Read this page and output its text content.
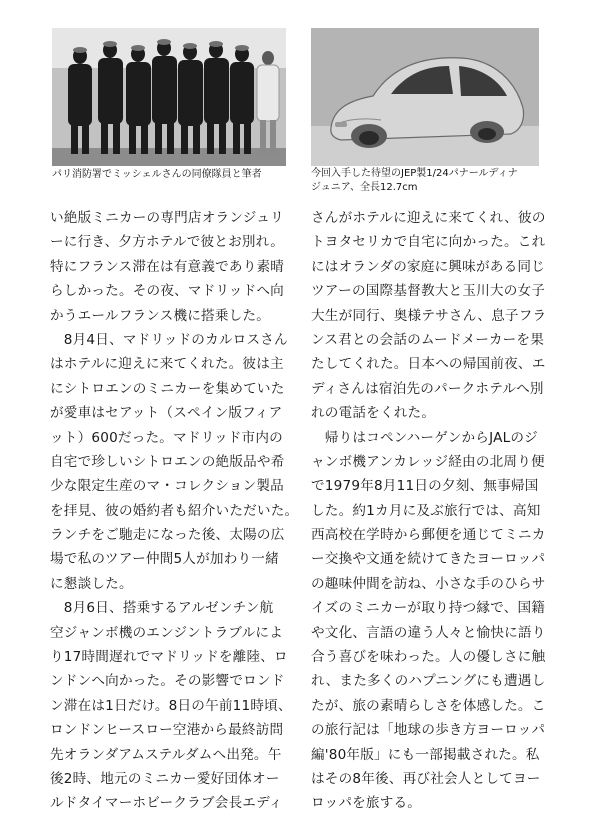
パリ消防署でミッシェルさんの同僚隊員と筆者	今回入手した待望のJEP製1/24パナールディナ
ジュニア、全長12.7cm
い絶版ミニカーの専門店オランジュリ
ーに行き、夕方ホテルで彼とお別れ。
特にフランス滞在は有意義であり素晴
らしかった。その夜、マドリッドへ向
かうエールフランス機に搭乗した。
　8月4日、マドリッドのカルロスさん
はホテルに迎えに来てくれた。彼は主
にシトロエンのミニカーを集めていた
が愛車はセアット（スペイン版フィア
ット）600だった。マドリッド市内の
自宅で珍しいシトロエンの絶版品や希
少な限定生産のマ・コレクション製品
を拝見、彼の婚約者も紹介いただいた。
ランチをご馳走になった後、太陽の広
場で私のツアー仲間5人が加わり一緒
に懇談した。
　8月6日、搭乗するアルゼンチン航
空ジャンボ機のエンジントラブルによ
り17時間遅れでマドリッドを離陸、ロ
ンドンへ向かった。その影響でロンド
ン滞在は1日だけ。8日の午前11時頃、
ロンドンヒースロー空港から最終訪問
先オランダアムステルダムへ出発。午
後2時、地元のミニカー愛好団体オー
ルドタイマーホビークラブ会長エディ
さんがホテルに迎えに来てくれ、彼の
トヨタセリカで自宅に向かった。これ
にはオランダの家庭に興味がある同じ
ツアーの国際基督教大と玉川大の女子
大生が同行、奥様テサさん、息子フラ
ンス君との会話のムードメーカーを果
たしてくれた。日本への帰国前夜、エ
ディさんは宿泊先のパークホテルへ別
れの電話をくれた。
　帰りはコペンハーゲンからJALのジ
ャンボ機アンカレッジ経由の北周り便
で1979年8月11日の夕刻、無事帰国
した。約1カ月に及ぶ旅行では、高知
西高校在学時から郵便を通じてミニカ
ー交換や文通を続けてきたヨーロッパ
の趣味仲間を訪ね、小さな手のひらサ
イズのミニカーが取り持つ縁で、国籍
や文化、言語の違う人々と愉快に語り
合う喜びを味わった。人の優しさに触
れ、また多くのハプニングにも遭遇し
たが、旅の素晴らしさを体感した。こ
の旅行記は「地球の歩き方ヨーロッパ
編'80年版」にも一部掲載された。私
はその8年後、再び社会人としてヨー
ロッパを旅する。
